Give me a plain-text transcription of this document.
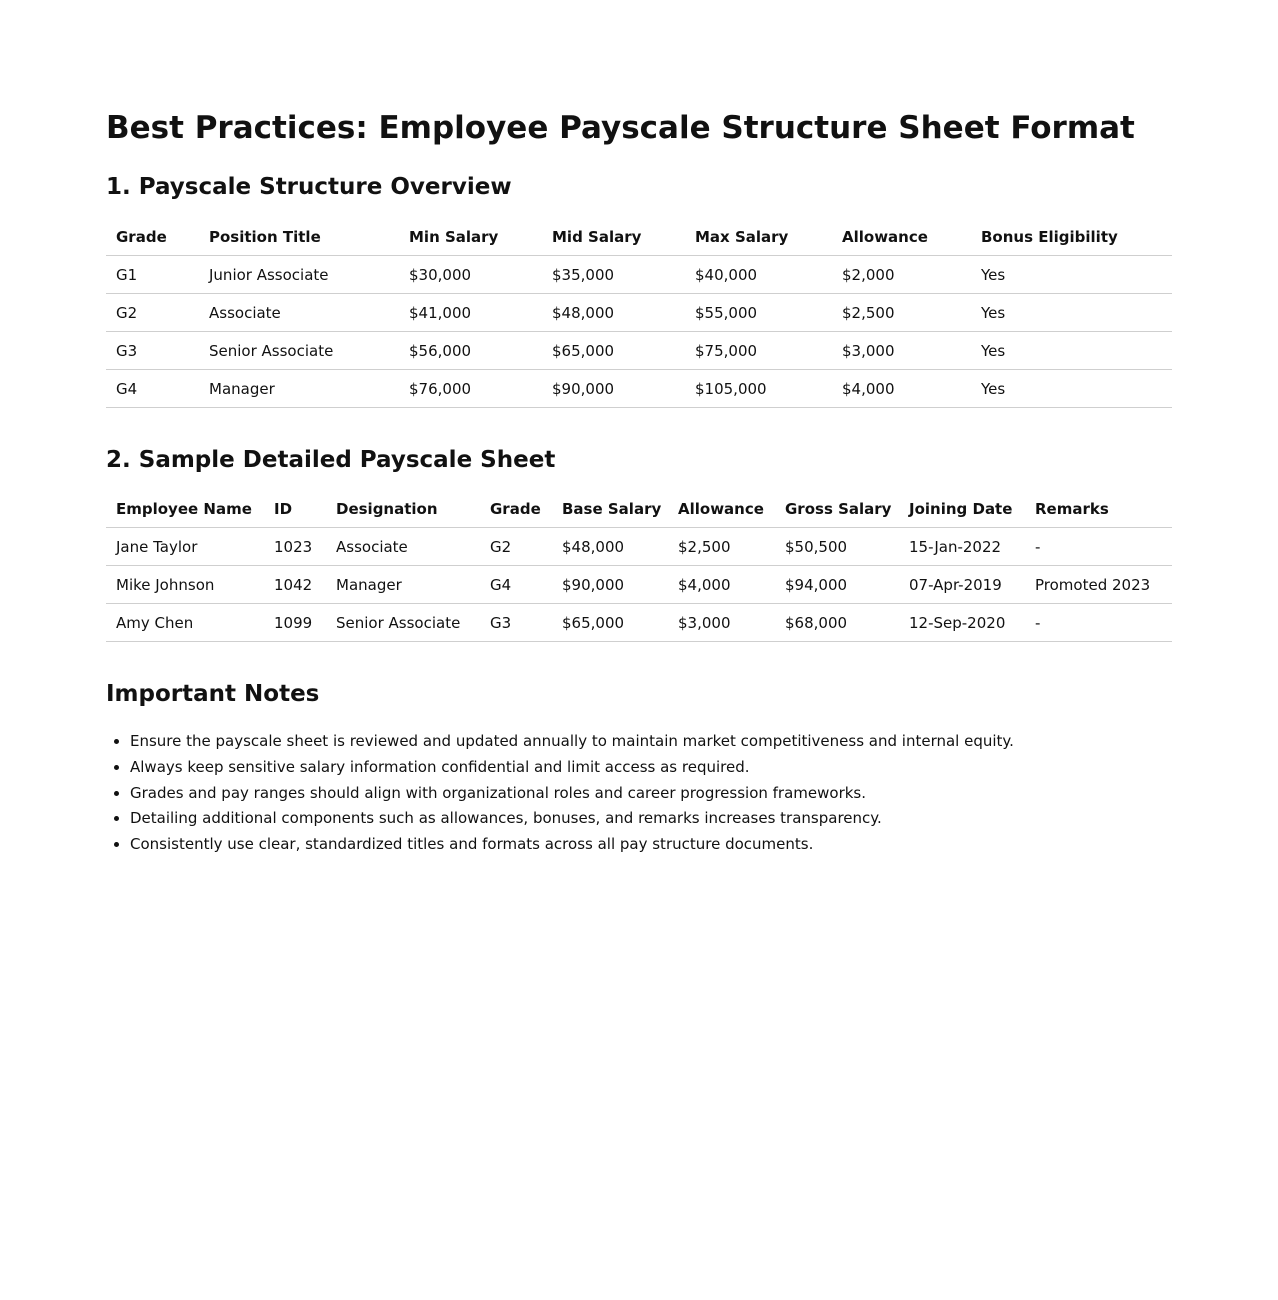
Best Practices: Employee Payscale Structure Sheet Format
1. Payscale Structure Overview
Grade	Position Title	Min Salary	Mid Salary	Max Salary	Allowance	Bonus Eligibility
G1	Junior Associate	$30,000	$35,000	$40,000	$2,000	Yes
G2	Associate	$41,000	$48,000	$55,000	$2,500	Yes
G3	Senior Associate	$56,000	$65,000	$75,000	$3,000	Yes
G4	Manager	$76,000	$90,000	$105,000	$4,000	Yes
2. Sample Detailed Payscale Sheet
Employee Name	ID	Designation	Grade	Base Salary	Allowance	Gross Salary	Joining Date	Remarks
Jane Taylor	1023	Associate	G2	$48,000	$2,500	$50,500	15-Jan-2022	-
Mike Johnson	1042	Manager	G4	$90,000	$4,000	$94,000	07-Apr-2019	Promoted 2023
Amy Chen	1099	Senior Associate	G3	$65,000	$3,000	$68,000	12-Sep-2020	-
Important Notes
• Ensure the payscale sheet is reviewed and updated annually to maintain market competitiveness and internal equity.
• Always keep sensitive salary information confidential and limit access as required.
• Grades and pay ranges should align with organizational roles and career progression frameworks.
• Detailing additional components such as allowances, bonuses, and remarks increases transparency.
• Consistently use clear, standardized titles and formats across all pay structure documents.
